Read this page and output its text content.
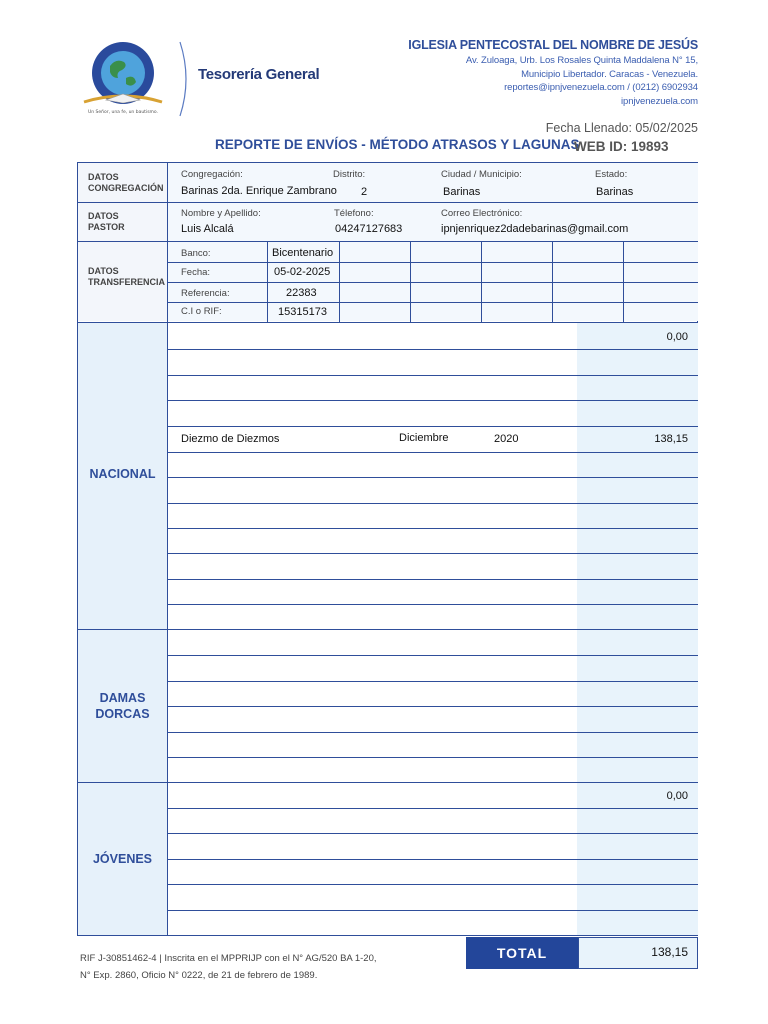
Un Señor, una fe, un bautismo.
Tesorería General
IGLESIA PENTECOSTAL DEL NOMBRE DE JESÚS
Av. Zuloaga, Urb. Los Rosales Quinta Maddalena N° 15,
Municipio Libertador. Caracas - Venezuela.
reportes@ipnjvenezuela.com / (0212) 6902934
ipnjvenezuela.com
Fecha Llenado: 05/02/2025
REPORTE DE ENVÍOS - MÉTODO ATRASOS Y LAGUNAS
WEB ID: 19893
DATOS
CONGREGACIÓN
Congregación:
Barinas 2da. Enrique Zambrano
Distrito:
2
Ciudad / Municipio:
Barinas
Estado:
Barinas
DATOS
PASTOR
Nombre y Apellido:
Luis Alcalá
Télefono:
04247127683
Correo Electrónico:
ipnjenriquez2dadebarinas@gmail.com
DATOS
TRANSFERENCIA
Banco:	Bicentenario
Fecha:	05-02-2025
Referencia:	22383
C.I o RIF:	15315173
NACIONAL
0,00
Diezmo de Diezmos	Diciembre	2020	138,15
DAMAS
DORCAS
JÓVENES
0,00
RIF J-30851462-4 | Inscrita en el MPPRIJP con el N° AG/520 BA 1-20,
N° Exp. 2860, Oficio N° 0222, de 21 de febrero de 1989.
TOTAL	138,15
